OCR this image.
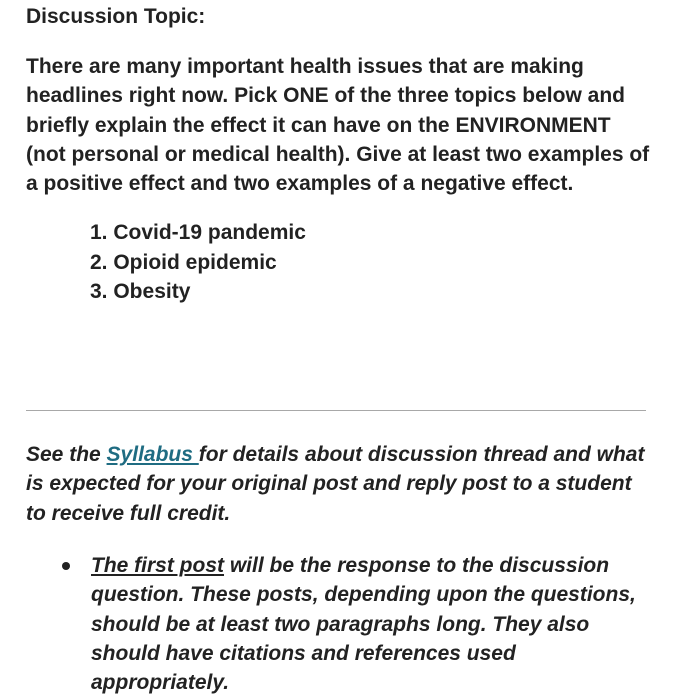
Discussion Topic:

There are many important health issues that are making headlines right now. Pick ONE of the three topics below and briefly explain the effect it can have on the ENVIRONMENT (not personal or medical health). Give at least two examples of a positive effect and two examples of a negative effect.

1. Covid-19 pandemic
2. Opioid epidemic
3. Obesity

See the Syllabus for details about discussion thread and what is expected for your original post and reply post to a student to receive full credit.

The first post will be the response to the discussion question. These posts, depending upon the questions, should be at least two paragraphs long. They also should have citations and references used appropriately.
